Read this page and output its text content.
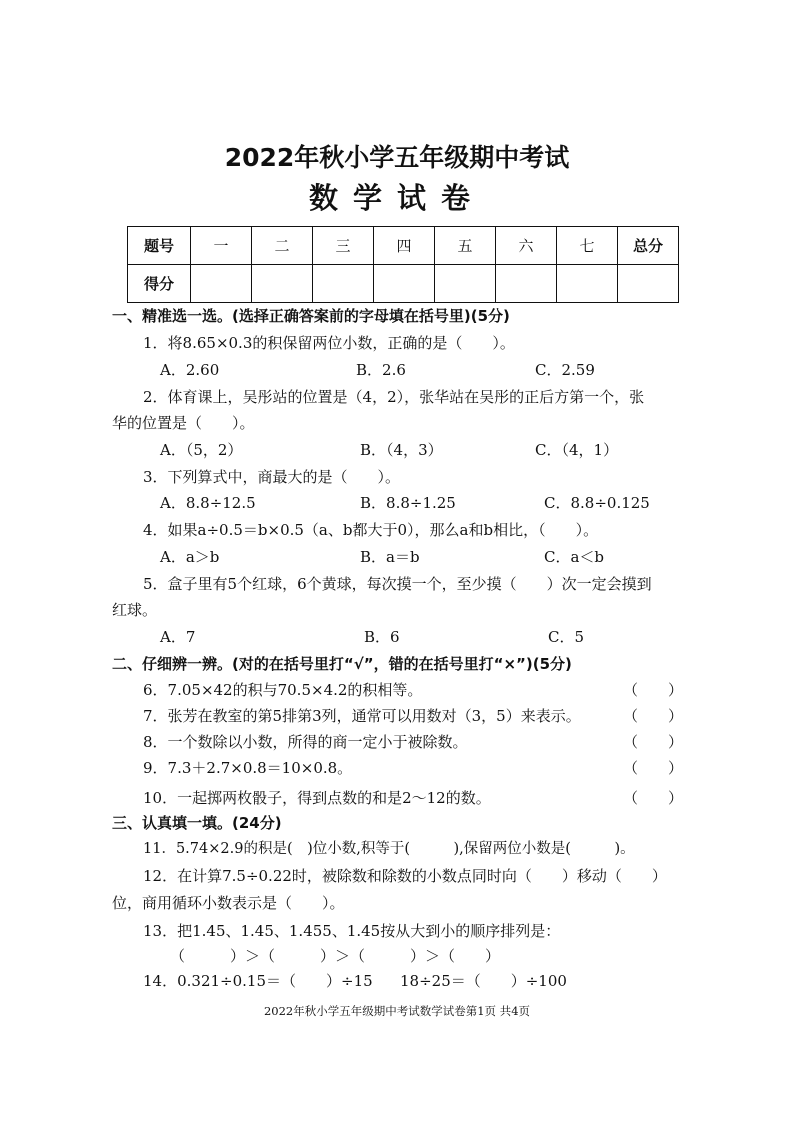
2022年秋小学五年级期中考试
数学试卷
题号	一	二	三	四	五	六	七	总分
得分								
一、精准选一选。(选择正确答案前的字母填在括号里)(5分)
1．将8.65×0.3的积保留两位小数，正确的是（　　）。
A．2.60	B．2.6	C．2.59
2．体育课上，吴彤站的位置是（4，2），张华站在吴彤的正后方第一个，张
华的位置是（　　）。
A．（5，2）	B．（4，3）	C．（4，1）
3．下列算式中，商最大的是（　　）。
A．8.8÷12.5	B．8.8÷1.25	C．8.8÷0.125
4．如果a÷0.5＝b×0.5（a、b都大于0），那么a和b相比，（　　）。
A．a＞b	B．a＝b	C．a＜b
5．盒子里有5个红球，6个黄球，每次摸一个，至少摸（　　）次一定会摸到
红球。
A．7	B．6	C．5
二、仔细辨一辨。(对的在括号里打“√”，错的在括号里打“×”)(5分)
6．7.05×42的积与70.5×4.2的积相等。	（　　）
7．张芳在教室的第5排第3列，通常可以用数对（3，5）来表示。	（　　）
8．一个数除以小数，所得的商一定小于被除数。	（　　）
9．7.3＋2.7×0.8＝10×0.8。	（　　）
10．一起掷两枚骰子，得到点数的和是2～12的数。	（　　）
三、认真填一填。(24分)
11．5.74×2.9的积是(　)位小数,积等于(　　　),保留两位小数是(　　　)。
12．在计算7.5÷0.22时，被除数和除数的小数点同时向（　　）移动（　　）
位，商用循环小数表示是（　　）。
13．把1.45、1.45、1.455、1.45按从大到小的顺序排列是：
（　　　）＞（　　　）＞（　　　）＞（　　）
14．0.321÷0.15＝（　　）÷15 18÷25＝（　　）÷100
2022年秋小学五年级期中考试数学试卷第1页 共4页
